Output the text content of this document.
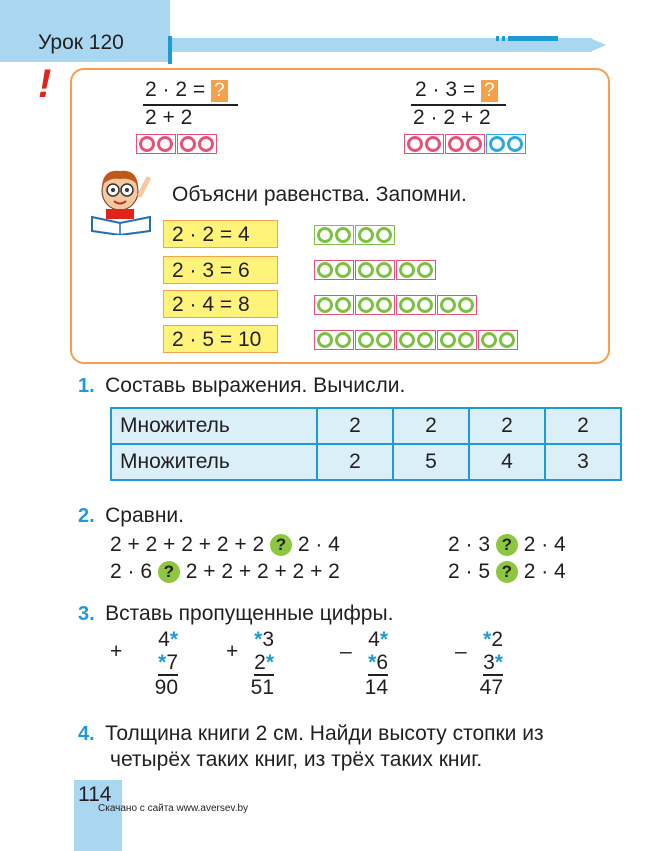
Урок 120
!	2 · 2 = ?
2 + 2
2 · 3 = ?
2 · 2 + 2
Объясни равенства. Запомни.
2 · 2 = 4
2 · 3 = 6
2 · 4 = 8
2 · 5 = 10
1. Составь выражения. Вычисли.
Множитель	2	2	2	2
Множитель	2	5	4	3
2. Сравни.
2 + 2 + 2 + 2 + 2 ? 2 · 4
2 · 6 ? 2 + 2 + 2 + 2 + 2
2 · 3 ? 2 · 4
2 · 5 ? 2 · 4
3. Вставь пропущенные цифры.
+
4*
*7
90
+
*3
2*
51
–
4*
*6
14
–
*2
3*
47
4. Толщина книги 2 см. Найди высоту стопки из
четырёх таких книг, из трёх таких книг.
114
Скачано с сайта www.aversev.by
